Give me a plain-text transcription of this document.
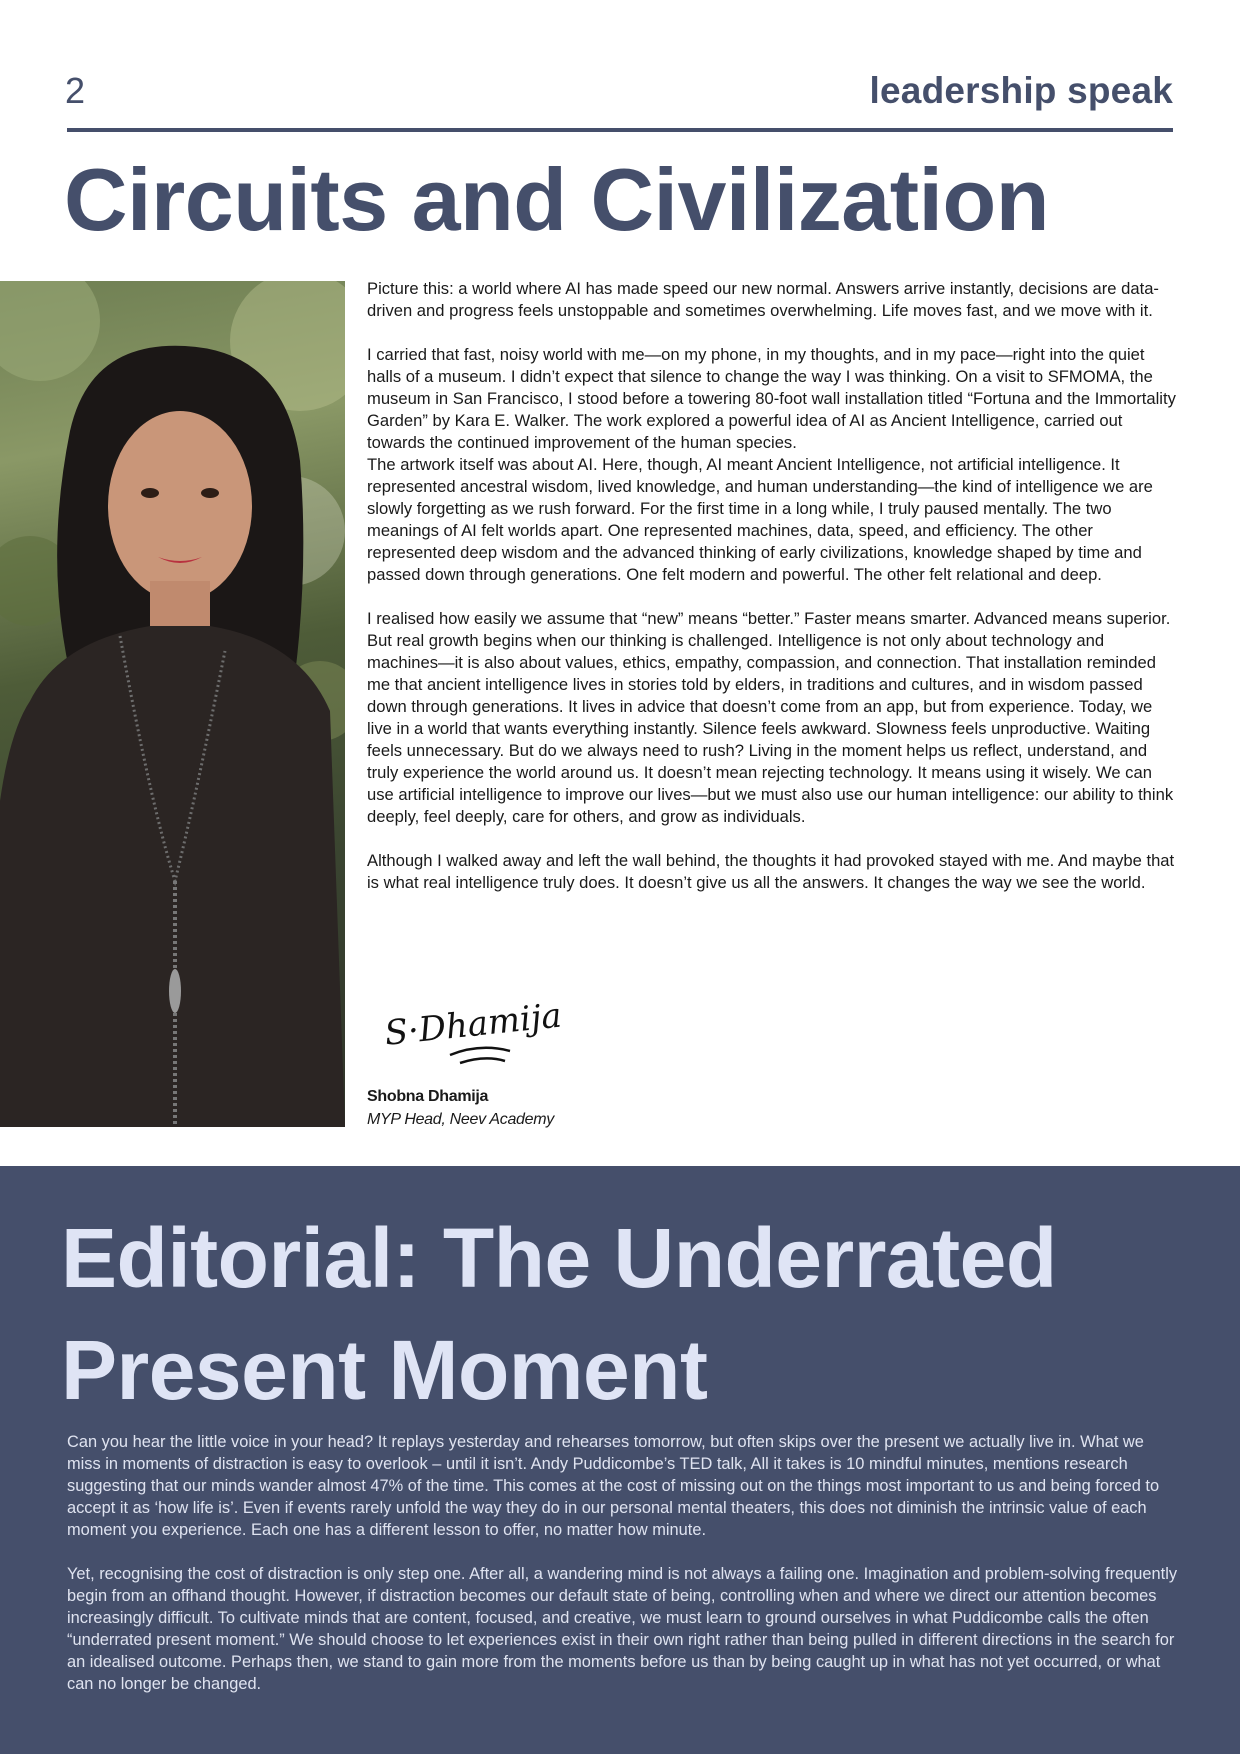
2	leadership speak
Circuits and Civilization

Picture this: a world where AI has made speed our new normal. Answers arrive instantly, decisions are data-driven and progress feels unstoppable and sometimes overwhelming. Life moves fast, and we move with it.

I carried that fast, noisy world with me—on my phone, in my thoughts, and in my pace—right into the quiet halls of a museum. I didn’t expect that silence to change the way I was thinking. On a visit to SFMOMA, the museum in San Francisco, I stood before a towering 80-foot wall installation titled “Fortuna and the Immortality Garden” by Kara E. Walker. The work explored a powerful idea of AI as Ancient Intelligence, carried out towards the continued improvement of the human species.

The artwork itself was about AI. Here, though, AI meant Ancient Intelligence, not artificial intelligence. It represented ancestral wisdom, lived knowledge, and human understanding—the kind of intelligence we are slowly forgetting as we rush forward. For the first time in a long while, I truly paused mentally. The two meanings of AI felt worlds apart. One represented machines, data, speed, and efficiency. The other represented deep wisdom and the advanced thinking of early civilizations, knowledge shaped by time and passed down through generations. One felt modern and powerful. The other felt relational and deep.

I realised how easily we assume that “new” means “better.” Faster means smarter. Advanced means superior. But real growth begins when our thinking is challenged. Intelligence is not only about technology and machines—it is also about values, ethics, empathy, compassion, and connection. That installation reminded me that ancient intelligence lives in stories told by elders, in traditions and cultures, and in wisdom passed down through generations. It lives in advice that doesn’t come from an app, but from experience. Today, we live in a world that wants everything instantly. Silence feels awkward. Slowness feels unproductive. Waiting feels unnecessary. But do we always need to rush? Living in the moment helps us reflect, understand, and truly experience the world around us. It doesn’t mean rejecting technology. It means using it wisely. We can use artificial intelligence to improve our lives—but we must also use our human intelligence: our ability to think deeply, feel deeply, care for others, and grow as individuals.

Although I walked away and left the wall behind, the thoughts it had provoked stayed with me. And maybe that is what real intelligence truly does. It doesn’t give us all the answers. It changes the way we see the world.

S·Dhamija
Shobna Dhamija
MYP Head, Neev Academy
Editorial: The Underrated Present Moment

Can you hear the little voice in your head? It replays yesterday and rehearses tomorrow, but often skips over the present we actually live in. What we miss in moments of distraction is easy to overlook – until it isn’t. Andy Puddicombe’s TED talk, All it takes is 10 mindful minutes, mentions research suggesting that our minds wander almost 47% of the time. This comes at the cost of missing out on the things most important to us and being forced to accept it as ‘how life is’. Even if events rarely unfold the way they do in our personal mental theaters, this does not diminish the intrinsic value of each moment you experience. Each one has a different lesson to offer, no matter how minute.

Yet, recognising the cost of distraction is only step one. After all, a wandering mind is not always a failing one. Imagination and problem-solving frequently begin from an offhand thought. However, if distraction becomes our default state of being, controlling when and where we direct our attention becomes increasingly difficult. To cultivate minds that are content, focused, and creative, we must learn to ground ourselves in what Puddicombe calls the often “underrated present moment.” We should choose to let experiences exist in their own right rather than being pulled in different directions in the search for an idealised outcome. Perhaps then, we stand to gain more from the moments before us than by being caught up in what has not yet occurred, or what can no longer be changed.
